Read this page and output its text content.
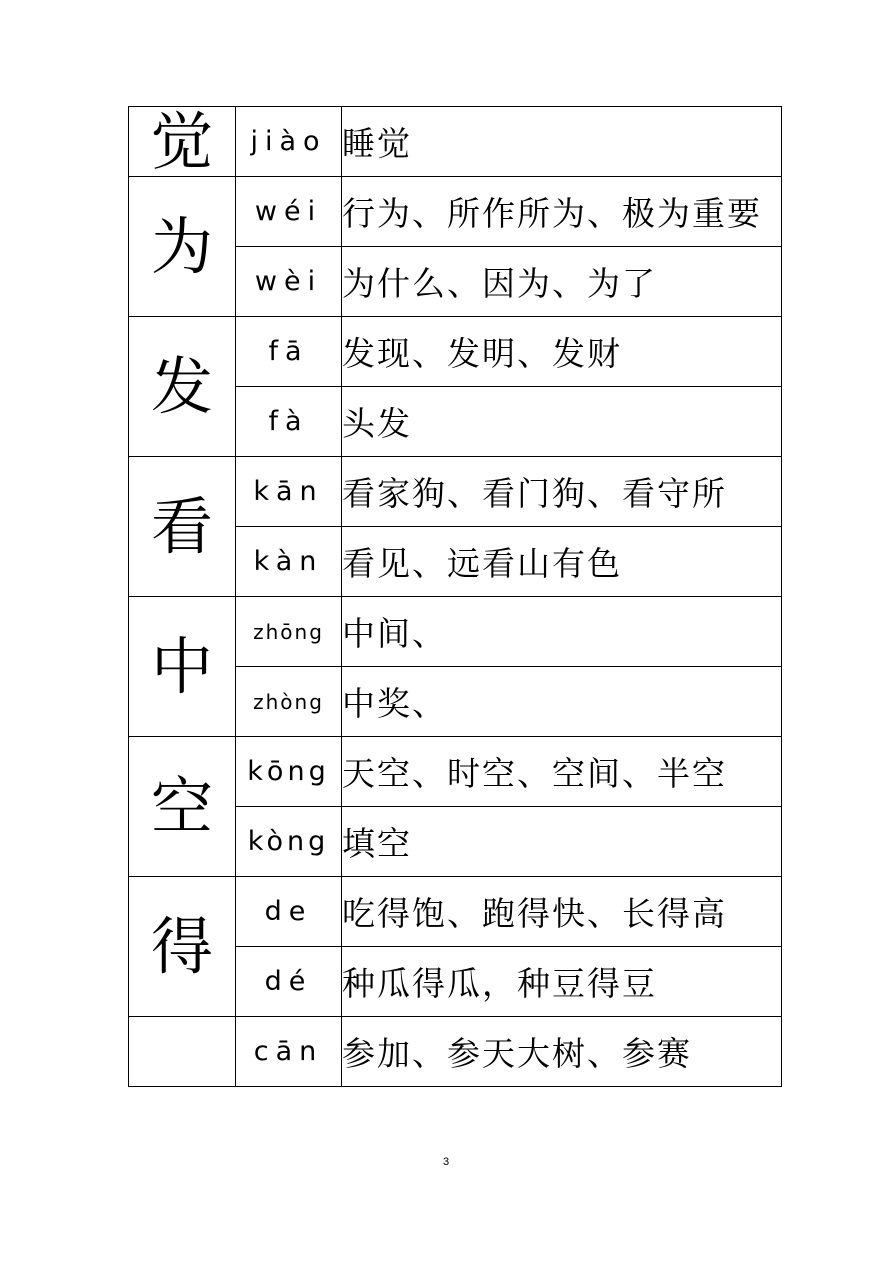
觉	jiào	睡觉
为	wéi	行为、所作所为、极为重要
	wèi	为什么、因为、为了
发	fā	发现、发明、发财
	fà	头发
看	kān	看家狗、看门狗、看守所
	kàn	看见、远看山有色
中	zhōng	中间、
	zhòng	中奖、
空	kōng	天空、时空、空间、半空
	kòng	填空
得	de	吃得饱、跑得快、长得高
	dé	种瓜得瓜，种豆得豆
	cān	参加、参天大树、参赛
3
